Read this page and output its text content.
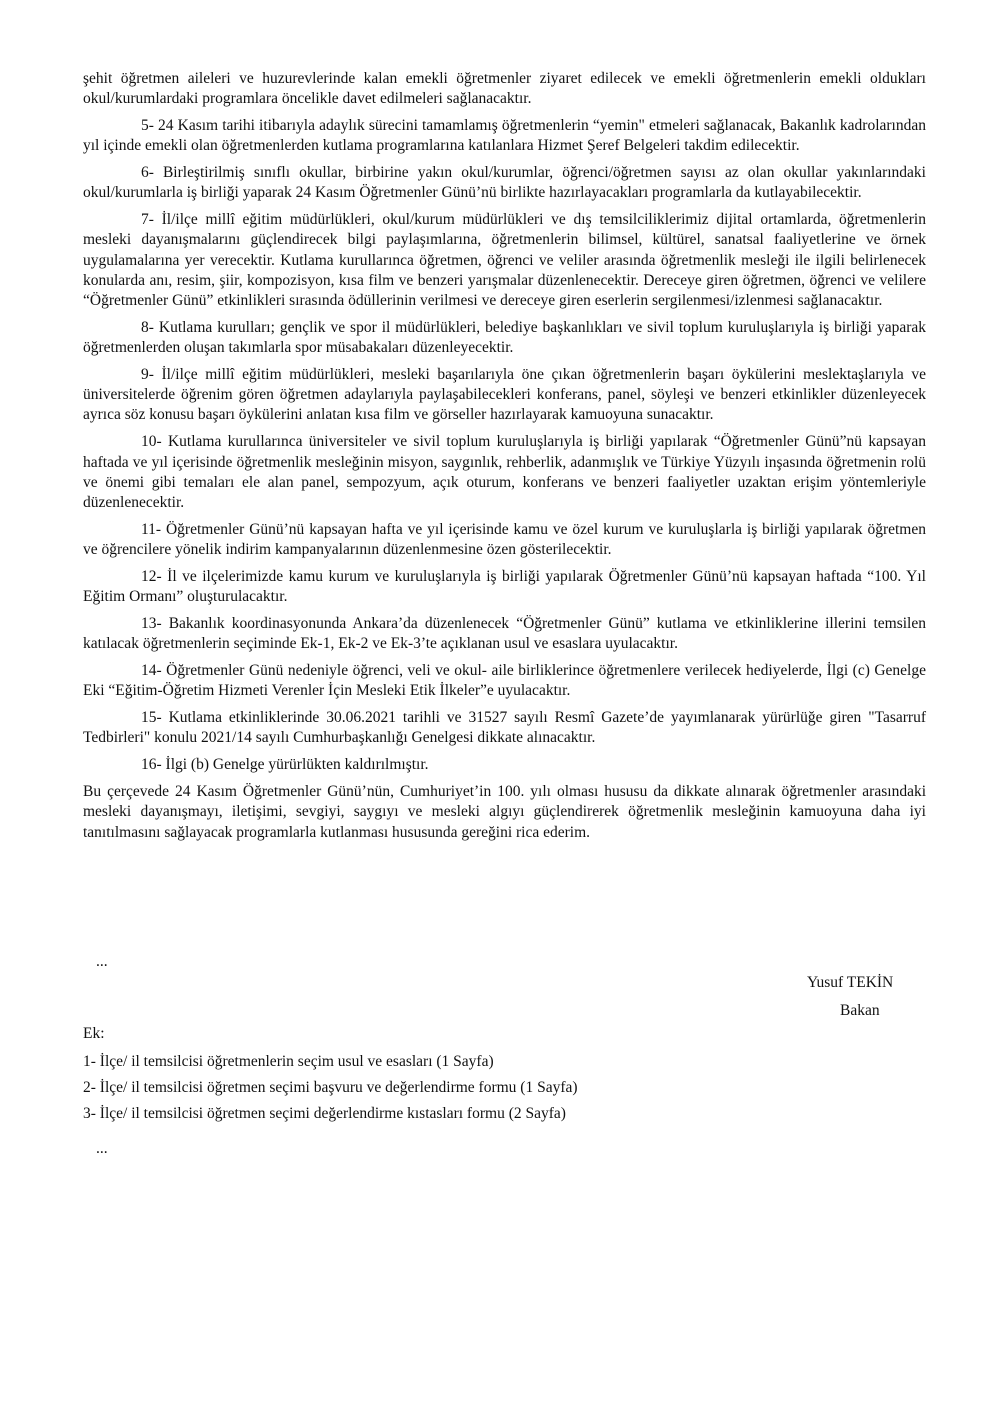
şehit öğretmen aileleri ve huzurevlerinde kalan emekli öğretmenler ziyaret edilecek ve emekli öğretmenlerin emekli oldukları okul/kurumlardaki programlara öncelikle davet edilmeleri sağlanacaktır.

5- 24 Kasım tarihi itibarıyla adaylık sürecini tamamlamış öğretmenlerin “yemin" etmeleri sağlanacak, Bakanlık kadrolarından yıl içinde emekli olan öğretmenlerden kutlama programlarına katılanlara Hizmet Şeref Belgeleri takdim edilecektir.

6- Birleştirilmiş sınıflı okullar, birbirine yakın okul/kurumlar, öğrenci/öğretmen sayısı az olan okullar yakınlarındaki okul/kurumlarla iş birliği yaparak 24 Kasım Öğretmenler Günü’nü birlikte hazırlayacakları programlarla da kutlayabilecektir.

7- İl/ilçe millî eğitim müdürlükleri, okul/kurum müdürlükleri ve dış temsilciliklerimiz dijital ortamlarda, öğretmenlerin mesleki dayanışmalarını güçlendirecek bilgi paylaşımlarına, öğretmenlerin bilimsel, kültürel, sanatsal faaliyetlerine ve örnek uygulamalarına yer verecektir. Kutlama kurullarınca öğretmen, öğrenci ve veliler arasında öğretmenlik mesleği ile ilgili belirlenecek konularda anı, resim, şiir, kompozisyon, kısa film ve benzeri yarışmalar düzenlenecektir. Dereceye giren öğretmen, öğrenci ve velilere “Öğretmenler Günü” etkinlikleri sırasında ödüllerinin verilmesi ve dereceye giren eserlerin sergilenmesi/izlenmesi sağlanacaktır.

8- Kutlama kurulları; gençlik ve spor il müdürlükleri, belediye başkanlıkları ve sivil toplum kuruluşlarıyla iş birliği yaparak öğretmenlerden oluşan takımlarla spor müsabakaları düzenleyecektir.

9- İl/ilçe millî eğitim müdürlükleri, mesleki başarılarıyla öne çıkan öğretmenlerin başarı öykülerini meslektaşlarıyla ve üniversitelerde öğrenim gören öğretmen adaylarıyla paylaşabilecekleri konferans, panel, söyleşi ve benzeri etkinlikler düzenleyecek ayrıca söz konusu başarı öykülerini anlatan kısa film ve görseller hazırlayarak kamuoyuna sunacaktır.

10- Kutlama kurullarınca üniversiteler ve sivil toplum kuruluşlarıyla iş birliği yapılarak “Öğretmenler Günü”nü kapsayan haftada ve yıl içerisinde öğretmenlik mesleğinin misyon, saygınlık, rehberlik, adanmışlık ve Türkiye Yüzyılı inşasında öğretmenin rolü ve önemi gibi temaları ele alan panel, sempozyum, açık oturum, konferans ve benzeri faaliyetler uzaktan erişim yöntemleriyle düzenlenecektir.

11- Öğretmenler Günü’nü kapsayan hafta ve yıl içerisinde kamu ve özel kurum ve kuruluşlarla iş birliği yapılarak öğretmen ve öğrencilere yönelik indirim kampanyalarının düzenlenmesine özen gösterilecektir.

12- İl ve ilçelerimizde kamu kurum ve kuruluşlarıyla iş birliği yapılarak Öğretmenler Günü’nü kapsayan haftada “100. Yıl Eğitim Ormanı” oluşturulacaktır.

13- Bakanlık koordinasyonunda Ankara’da düzenlenecek “Öğretmenler Günü” kutlama ve etkinliklerine illerini temsilen katılacak öğretmenlerin seçiminde Ek-1, Ek-2 ve Ek-3’te açıklanan usul ve esaslara uyulacaktır.

14- Öğretmenler Günü nedeniyle öğrenci, veli ve okul- aile birliklerince öğretmenlere verilecek hediyelerde, İlgi (c) Genelge Eki “Eğitim-Öğretim Hizmeti Verenler İçin Mesleki Etik İlkeler”e uyulacaktır.

15- Kutlama etkinliklerinde 30.06.2021 tarihli ve 31527 sayılı Resmî Gazete’de yayımlanarak yürürlüğe giren "Tasarruf Tedbirleri" konulu 2021/14 sayılı Cumhurbaşkanlığı Genelgesi dikkate alınacaktır.

16- İlgi (b) Genelge yürürlükten kaldırılmıştır.

Bu çerçevede 24 Kasım Öğretmenler Günü’nün, Cumhuriyet’in 100. yılı olması hususu da dikkate alınarak öğretmenler arasındaki mesleki dayanışmayı, iletişimi, sevgiyi, saygıyı ve mesleki algıyı güçlendirerek öğretmenlik mesleğinin kamuoyuna daha iyi tanıtılmasını sağlayacak programlarla kutlanması hususunda gereğini rica ederim.

...
Yusuf TEKİN
Bakan
Ek:
1- İlçe/ il temsilcisi öğretmenlerin seçim usul ve esasları (1 Sayfa)
2- İlçe/ il temsilcisi öğretmen seçimi başvuru ve değerlendirme formu (1 Sayfa)
3- İlçe/ il temsilcisi öğretmen seçimi değerlendirme kıstasları formu (2 Sayfa)
...
